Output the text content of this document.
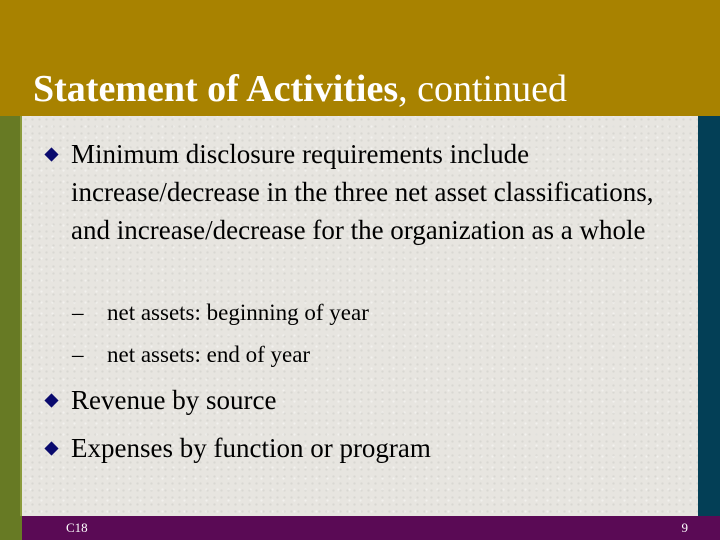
Statement of Activities, continued
Minimum disclosure requirements include increase/decrease in the three net asset classifications, and increase/decrease for the organization as a whole
– net assets: beginning of year
– net assets: end of year
Revenue by source
Expenses by function or program
C18	9
